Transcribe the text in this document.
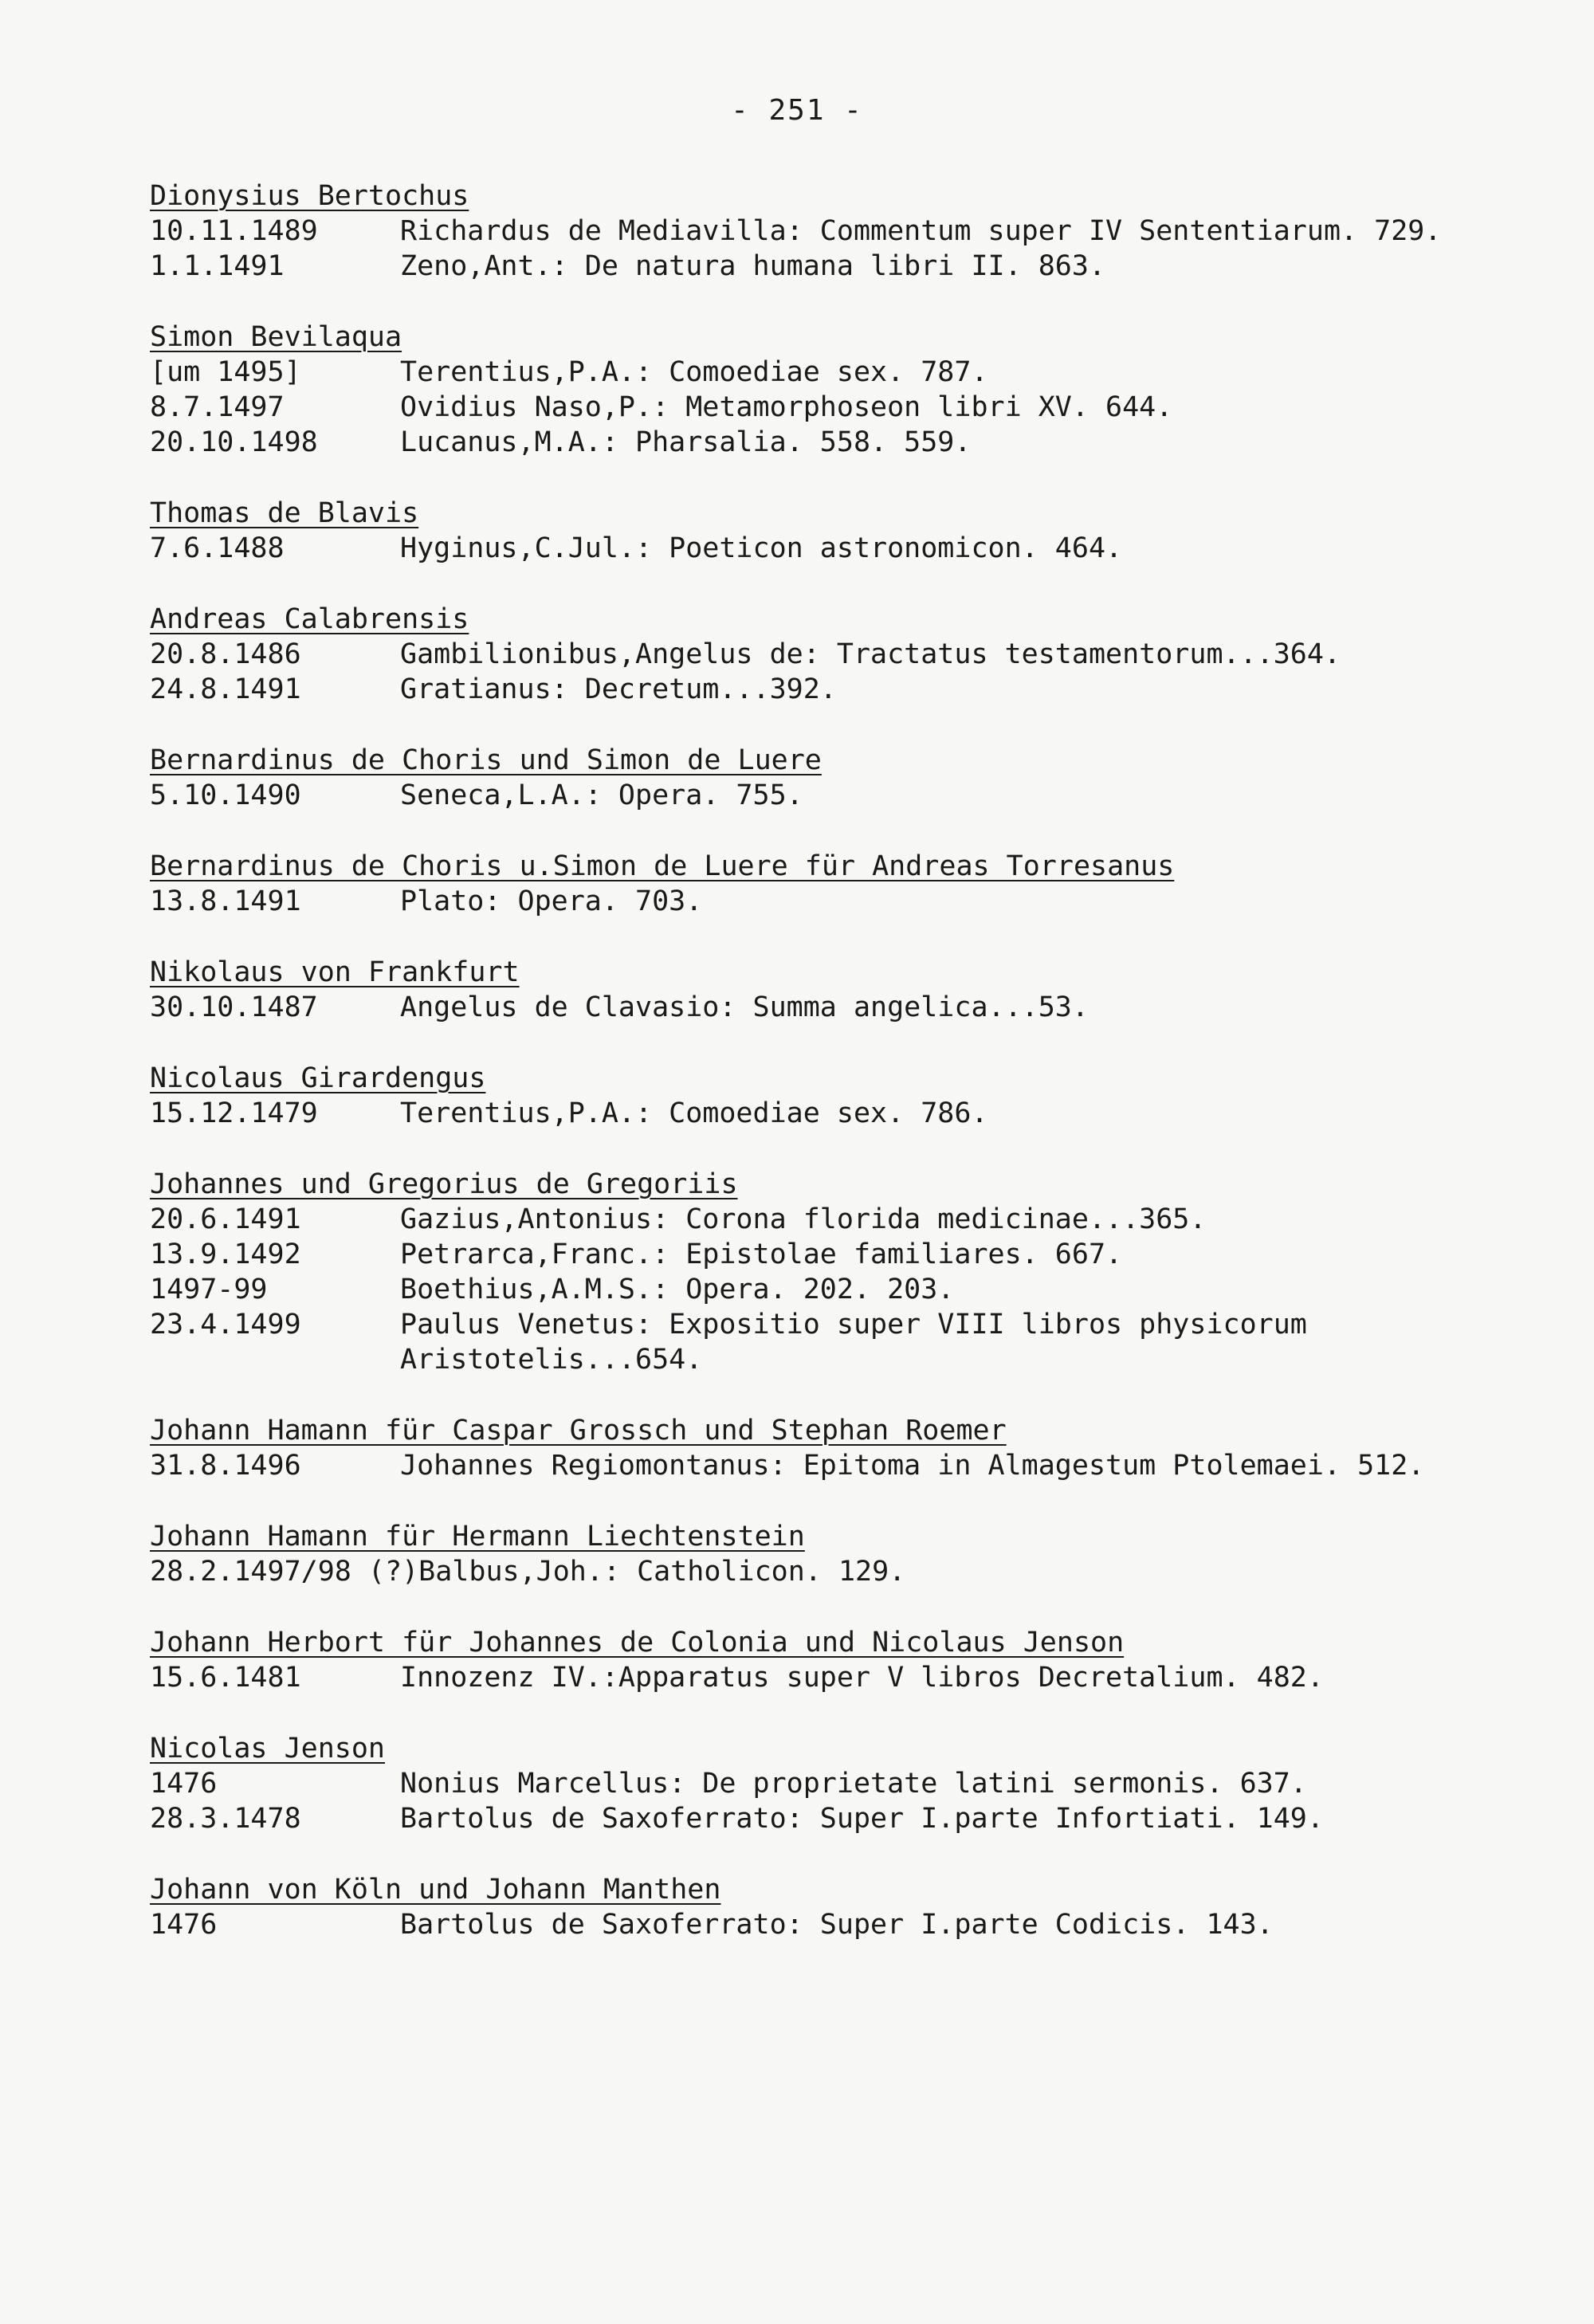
- 251 -
Dionysius Bertochus
10.11.1489	Richardus de Mediavilla: Commentum super IV Sententiarum. 729.
1.1.1491	Zeno,Ant.: De natura humana libri II. 863.
Simon Bevilaqua
[um 1495]	Terentius,P.A.: Comoediae sex. 787.
8.7.1497	Ovidius Naso,P.: Metamorphoseon libri XV. 644.
20.10.1498	Lucanus,M.A.: Pharsalia. 558. 559.
Thomas de Blavis
7.6.1488	Hyginus,C.Jul.: Poeticon astronomicon. 464.
Andreas Calabrensis
20.8.1486	Gambilionibus,Angelus de: Tractatus testamentorum...364.
24.8.1491	Gratianus: Decretum...392.
Bernardinus de Choris und Simon de Luere
5.10.1490	Seneca,L.A.: Opera. 755.
Bernardinus de Choris u.Simon de Luere für Andreas Torresanus
13.8.1491	Plato: Opera. 703.
Nikolaus von Frankfurt
30.10.1487	Angelus de Clavasio: Summa angelica...53.
Nicolaus Girardengus
15.12.1479	Terentius,P.A.: Comoediae sex. 786.
Johannes und Gregorius de Gregoriis
20.6.1491	Gazius,Antonius: Corona florida medicinae...365.
13.9.1492	Petrarca,Franc.: Epistolae familiares. 667.
1497-99	Boethius,A.M.S.: Opera. 202. 203.
23.4.1499	Paulus Venetus: Expositio super VIII libros physicorum Aristotelis...654.
Johann Hamann für Caspar Grossch und Stephan Roemer
31.8.1496	Johannes Regiomontanus: Epitoma in Almagestum Ptolemaei. 512.
Johann Hamann für Hermann Liechtenstein
28.2.1497/98 (?) Balbus,Joh.: Catholicon. 129.
Johann Herbort für Johannes de Colonia und Nicolaus Jenson
15.6.1481	Innozenz IV.:Apparatus super V libros Decretalium. 482.
Nicolas Jenson
1476	Nonius Marcellus: De proprietate latini sermonis. 637.
28.3.1478	Bartolus de Saxoferrato: Super I.parte Infortiati. 149.
Johann von Köln und Johann Manthen
1476	Bartolus de Saxoferrato: Super I.parte Codicis. 143.
